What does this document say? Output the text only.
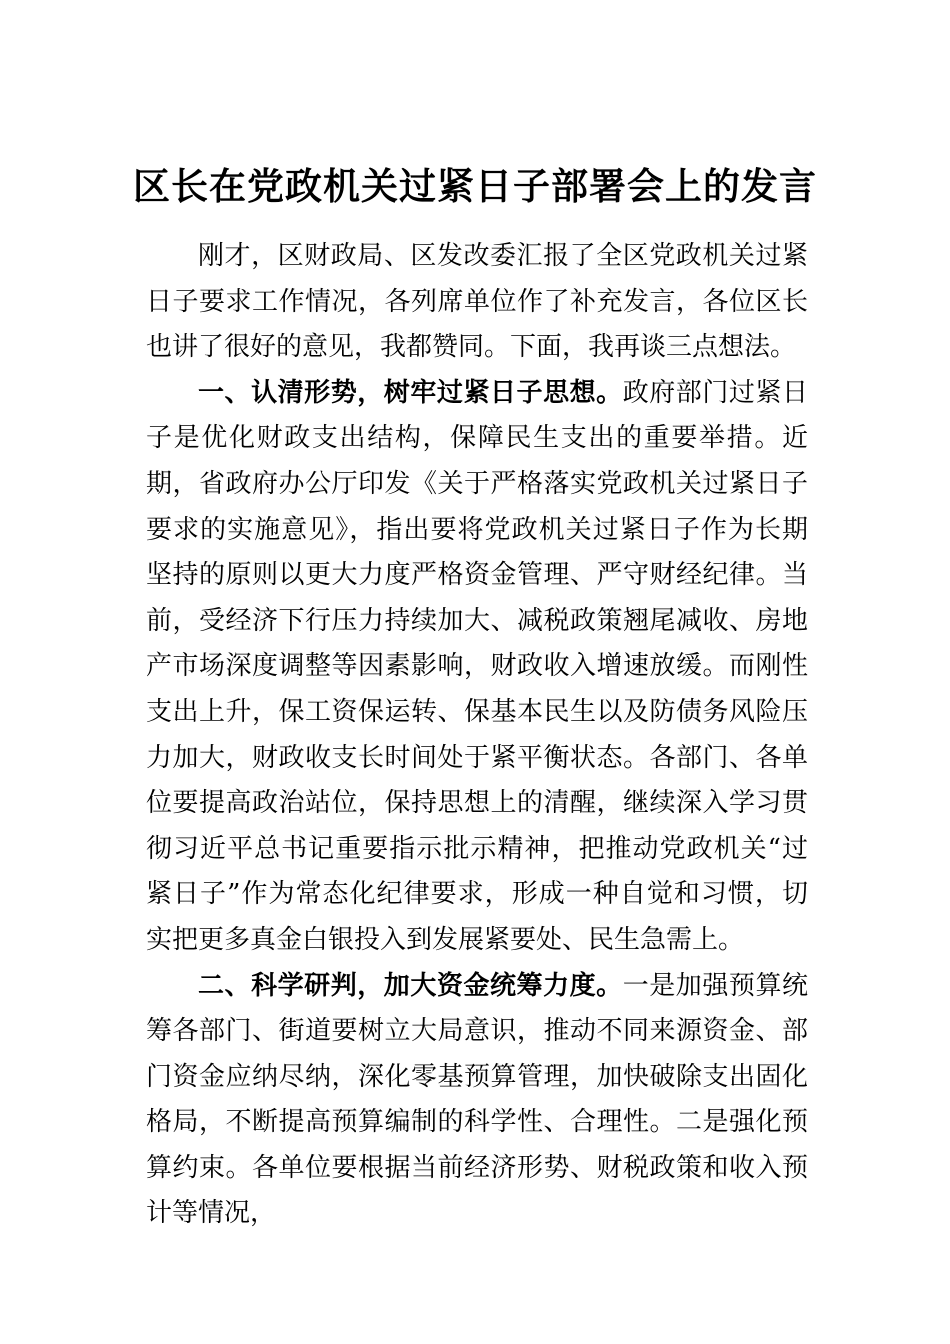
区长在党政机关过紧日子部署会上的发言

刚才，区财政局、区发改委汇报了全区党政机关过紧日子要求工作情况，各列席单位作了补充发言，各位区长也讲了很好的意见，我都赞同。下面，我再谈三点想法。

一、认清形势，树牢过紧日子思想。政府部门过紧日子是优化财政支出结构，保障民生支出的重要举措。近期，省政府办公厅印发《关于严格落实党政机关过紧日子要求的实施意见》，指出要将党政机关过紧日子作为长期坚持的原则以更大力度严格资金管理、严守财经纪律。当前，受经济下行压力持续加大、减税政策翘尾减收、房地产市场深度调整等因素影响，财政收入增速放缓。而刚性支出上升，保工资保运转、保基本民生以及防债务风险压力加大，财政收支长时间处于紧平衡状态。各部门、各单位要提高政治站位，保持思想上的清醒，继续深入学习贯彻习近平总书记重要指示批示精神，把推动党政机关“过紧日子”作为常态化纪律要求，形成一种自觉和习惯，切实把更多真金白银投入到发展紧要处、民生急需上。

二、科学研判，加大资金统筹力度。一是加强预算统筹各部门、街道要树立大局意识，推动不同来源资金、部门资金应纳尽纳，深化零基预算管理，加快破除支出固化格局，不断提高预算编制的科学性、合理性。二是强化预算约束。各单位要根据当前经济形势、财税政策和收入预计等情况，
